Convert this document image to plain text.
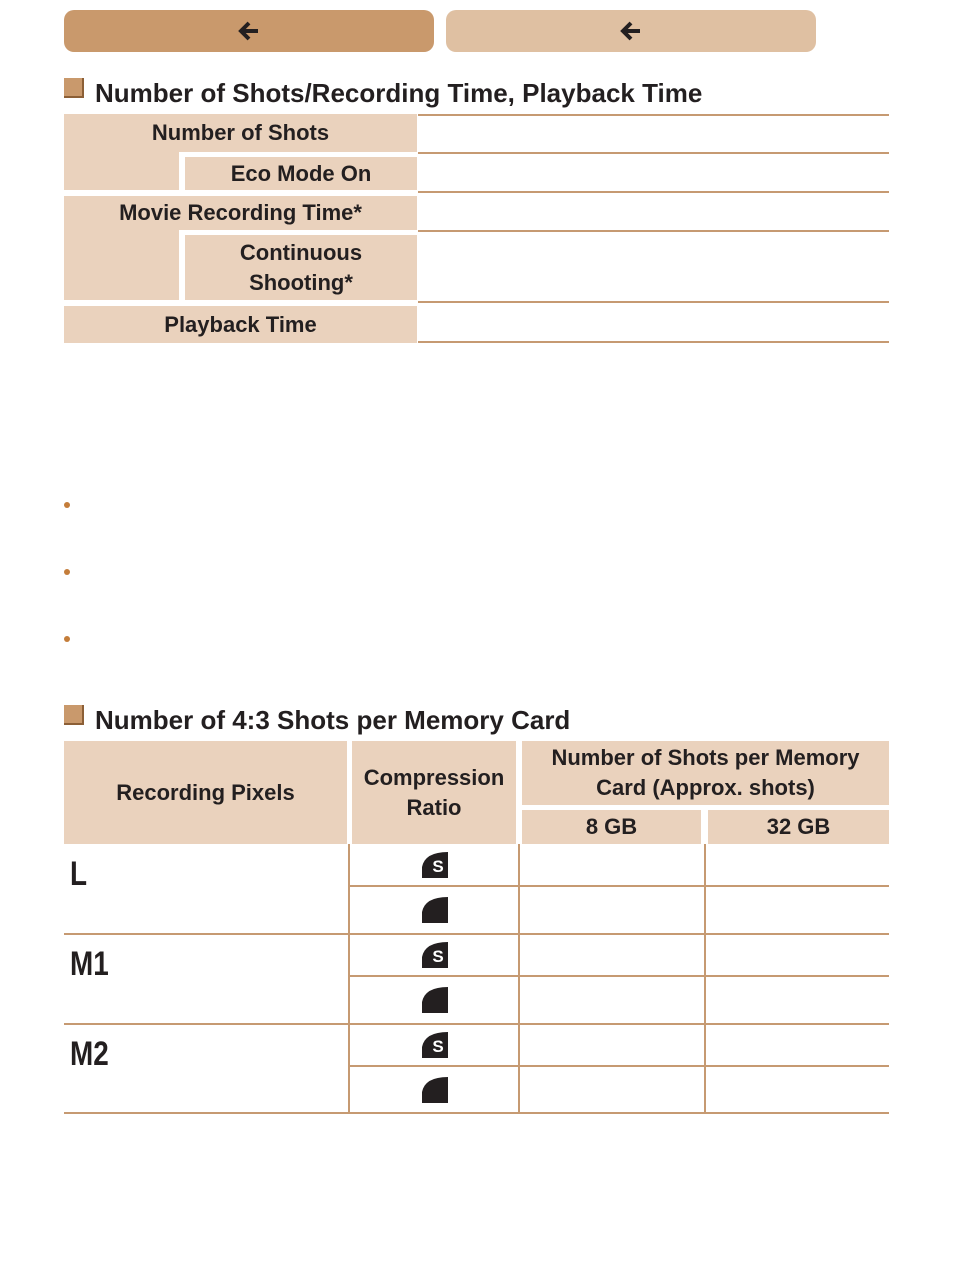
Number of Shots/Recording Time, Playback Time
Number of Shots
Eco Mode On
Movie Recording Time*
Continuous
Shooting*
Playback Time
Number of 4:3 Shots per Memory Card
Recording Pixels
Compression
Ratio
Number of Shots per Memory
Card (Approx. shots)
8 GB	32 GB
L
M1
M2
S
S
S
